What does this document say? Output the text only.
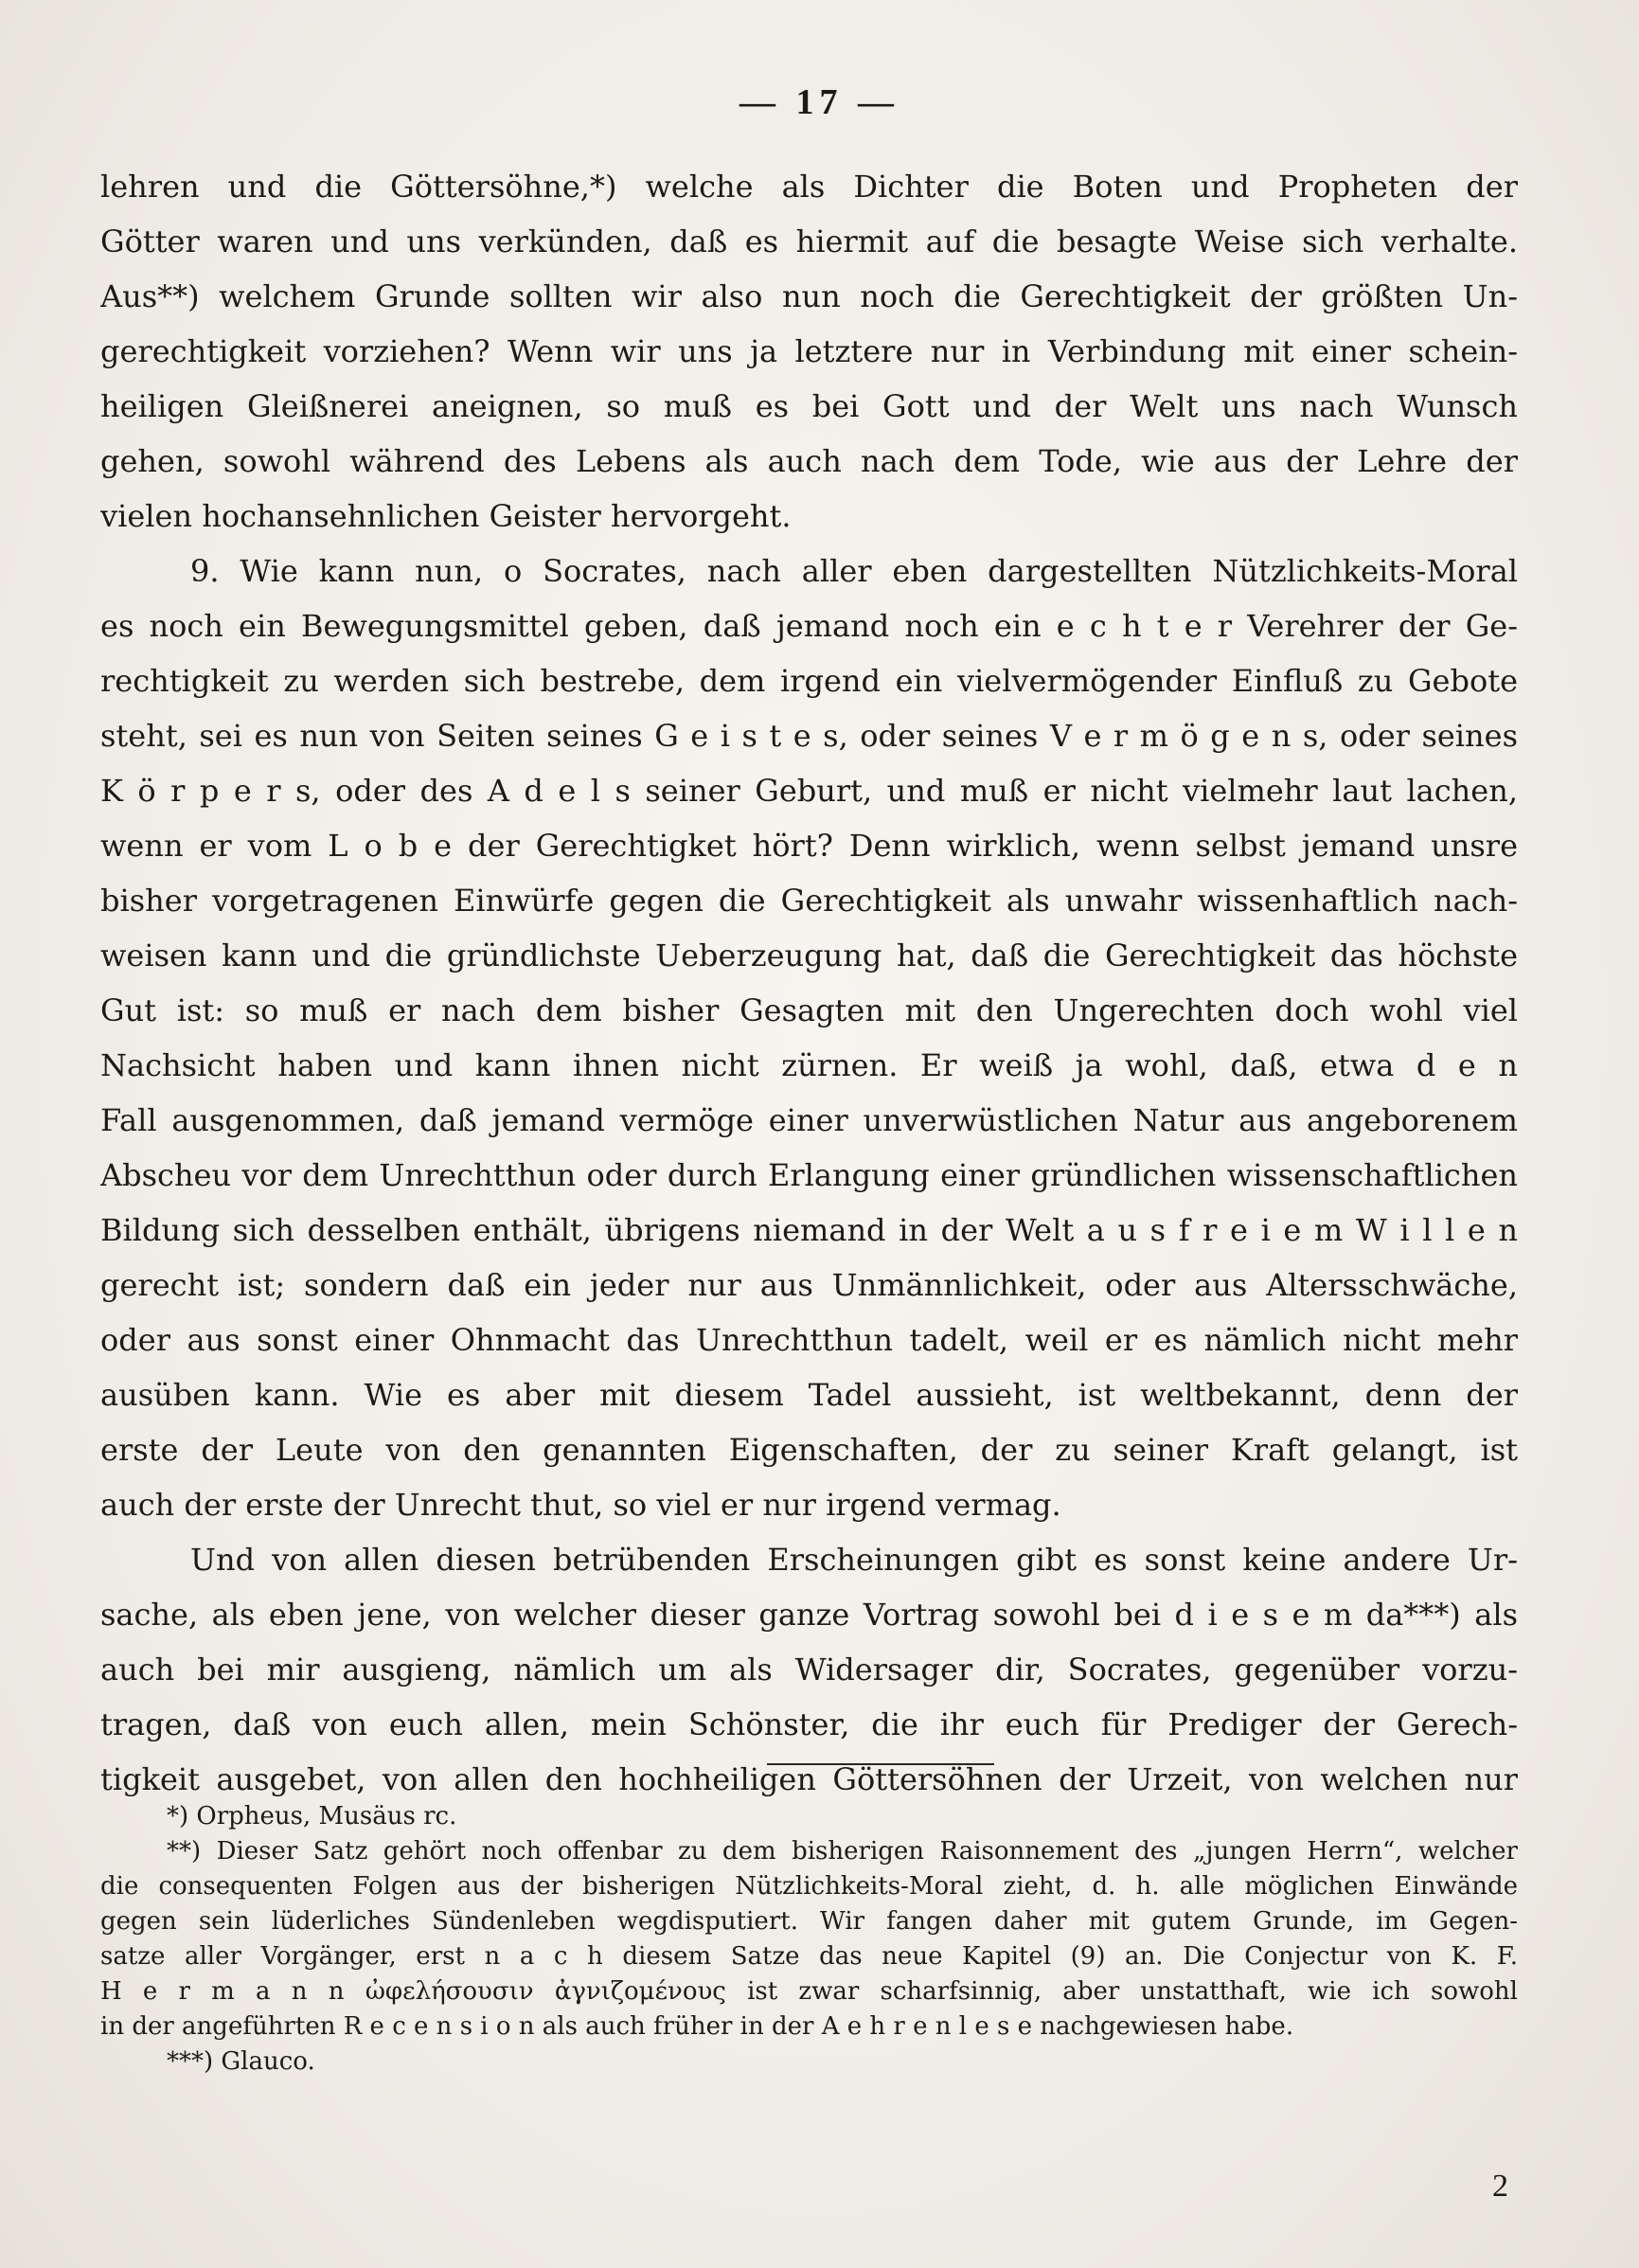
— 17 —
lehren und die Göttersöhne,*) welche als Dichter die Boten und Propheten der
Götter waren und uns verkünden, daß es hiermit auf die besagte Weise sich verhalte.
Aus**) welchem Grunde sollten wir also nun noch die Gerechtigkeit der größten Un-
gerechtigkeit vorziehen? Wenn wir uns ja letztere nur in Verbindung mit einer schein-
heiligen Gleißnerei aneignen, so muß es bei Gott und der Welt uns nach Wunsch
gehen, sowohl während des Lebens als auch nach dem Tode, wie aus der Lehre der
vielen hochansehnlichen Geister hervorgeht.
9. Wie kann nun, o Socrates, nach aller eben dargestellten Nützlichkeits-Moral
es noch ein Bewegungsmittel geben, daß jemand noch ein e c h t e r Verehrer der Ge-
rechtigkeit zu werden sich bestrebe, dem irgend ein vielvermögender Einfluß zu Gebote
steht, sei es nun von Seiten seines G e i s t e s, oder seines V e r m ö g e n s, oder seines
K ö r p e r s, oder des A d e l s seiner Geburt, und muß er nicht vielmehr laut lachen,
wenn er vom L o b e der Gerechtigket hört? Denn wirklich, wenn selbst jemand unsre
bisher vorgetragenen Einwürfe gegen die Gerechtigkeit als unwahr wissenhaftlich nach-
weisen kann und die gründlichste Ueberzeugung hat, daß die Gerechtigkeit das höchste
Gut ist: so muß er nach dem bisher Gesagten mit den Ungerechten doch wohl viel
Nachsicht haben und kann ihnen nicht zürnen. Er weiß ja wohl, daß, etwa d e n
Fall ausgenommen, daß jemand vermöge einer unverwüstlichen Natur aus angeborenem
Abscheu vor dem Unrechtthun oder durch Erlangung einer gründlichen wissenschaftlichen
Bildung sich desselben enthält, übrigens niemand in der Welt a u s f r e i e m W i l l e n
gerecht ist; sondern daß ein jeder nur aus Unmännlichkeit, oder aus Altersschwäche,
oder aus sonst einer Ohnmacht das Unrechtthun tadelt, weil er es nämlich nicht mehr
ausüben kann. Wie es aber mit diesem Tadel aussieht, ist weltbekannt, denn der
erste der Leute von den genannten Eigenschaften, der zu seiner Kraft gelangt, ist
auch der erste der Unrecht thut, so viel er nur irgend vermag.
Und von allen diesen betrübenden Erscheinungen gibt es sonst keine andere Ur-
sache, als eben jene, von welcher dieser ganze Vortrag sowohl bei d i e s e m da***) als
auch bei mir ausgieng, nämlich um als Widersager dir, Socrates, gegenüber vorzu-
tragen, daß von euch allen, mein Schönster, die ihr euch für Prediger der Gerech-
tigkeit ausgebet, von allen den hochheiligen Göttersöhnen der Urzeit, von welchen nur
*) Orpheus, Musäus rc.
**) Dieser Satz gehört noch offenbar zu dem bisherigen Raisonnement des „jungen Herrn“, welcher
die consequenten Folgen aus der bisherigen Nützlichkeits-Moral zieht, d. h. alle möglichen Einwände
gegen sein lüderliches Sündenleben wegdisputiert. Wir fangen daher mit gutem Grunde, im Gegen-
satze aller Vorgänger, erst n a c h diesem Satze das neue Kapitel (9) an. Die Conjectur von K. F.
H e r m a n n ὠφελήσουσιν ἀγνιζομένους ist zwar scharfsinnig, aber unstatthaft, wie ich sowohl
in der angeführten R e c e n s i o n als auch früher in der A e h r e n l e s e nachgewiesen habe.
***) Glauco.
2
